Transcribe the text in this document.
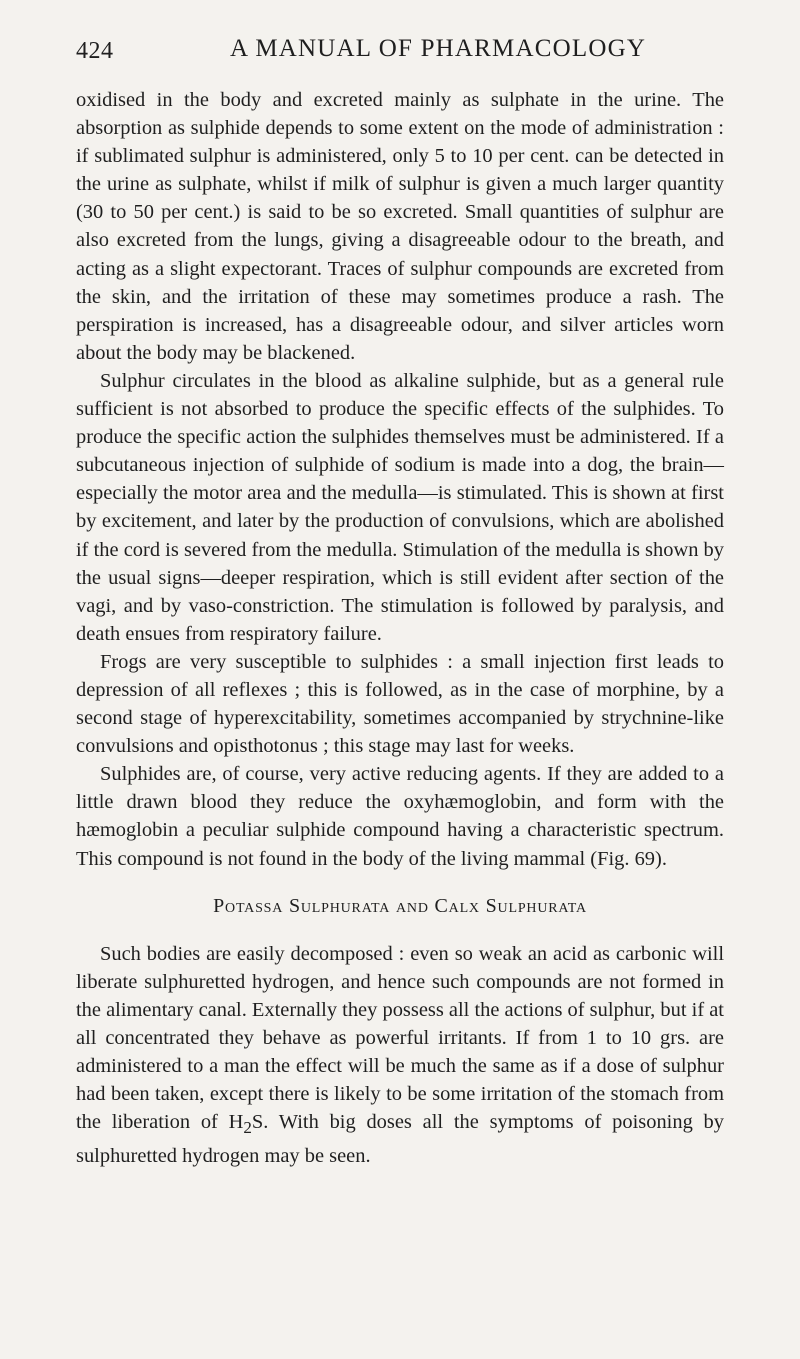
424	A MANUAL OF PHARMACOLOGY

oxidised in the body and excreted mainly as sulphate in the urine. The absorption as sulphide depends to some extent on the mode of administration : if sublimated sulphur is administered, only 5 to 10 per cent. can be detected in the urine as sulphate, whilst if milk of sulphur is given a much larger quantity (30 to 50 per cent.) is said to be so excreted. Small quantities of sulphur are also excreted from the lungs, giving a disagreeable odour to the breath, and acting as a slight expectorant. Traces of sulphur compounds are excreted from the skin, and the irritation of these may sometimes produce a rash. The perspiration is increased, has a disagreeable odour, and silver articles worn about the body may be blackened.

Sulphur circulates in the blood as alkaline sulphide, but as a general rule sufficient is not absorbed to produce the specific effects of the sulphides. To produce the specific action the sulphides themselves must be administered. If a subcutaneous injection of sulphide of sodium is made into a dog, the brain—especially the motor area and the medulla—is stimulated. This is shown at first by excitement, and later by the production of convulsions, which are abolished if the cord is severed from the medulla. Stimulation of the medulla is shown by the usual signs—deeper respiration, which is still evident after section of the vagi, and by vaso-constriction. The stimulation is followed by paralysis, and death ensues from respiratory failure.

Frogs are very susceptible to sulphides : a small injection first leads to depression of all reflexes ; this is followed, as in the case of morphine, by a second stage of hyperexcitability, sometimes accompanied by strychnine-like convulsions and opisthotonus ; this stage may last for weeks.

Sulphides are, of course, very active reducing agents. If they are added to a little drawn blood they reduce the oxyhæmoglobin, and form with the hæmoglobin a peculiar sulphide compound having a characteristic spectrum. This compound is not found in the body of the living mammal (Fig. 69).

Potassa Sulphurata and Calx Sulphurata

Such bodies are easily decomposed : even so weak an acid as carbonic will liberate sulphuretted hydrogen, and hence such compounds are not formed in the alimentary canal. Externally they possess all the actions of sulphur, but if at all concentrated they behave as powerful irritants. If from 1 to 10 grs. are administered to a man the effect will be much the same as if a dose of sulphur had been taken, except there is likely to be some irritation of the stomach from the liberation of $H_2S$. With big doses all the symptoms of poisoning by sulphuretted hydrogen may be seen.
